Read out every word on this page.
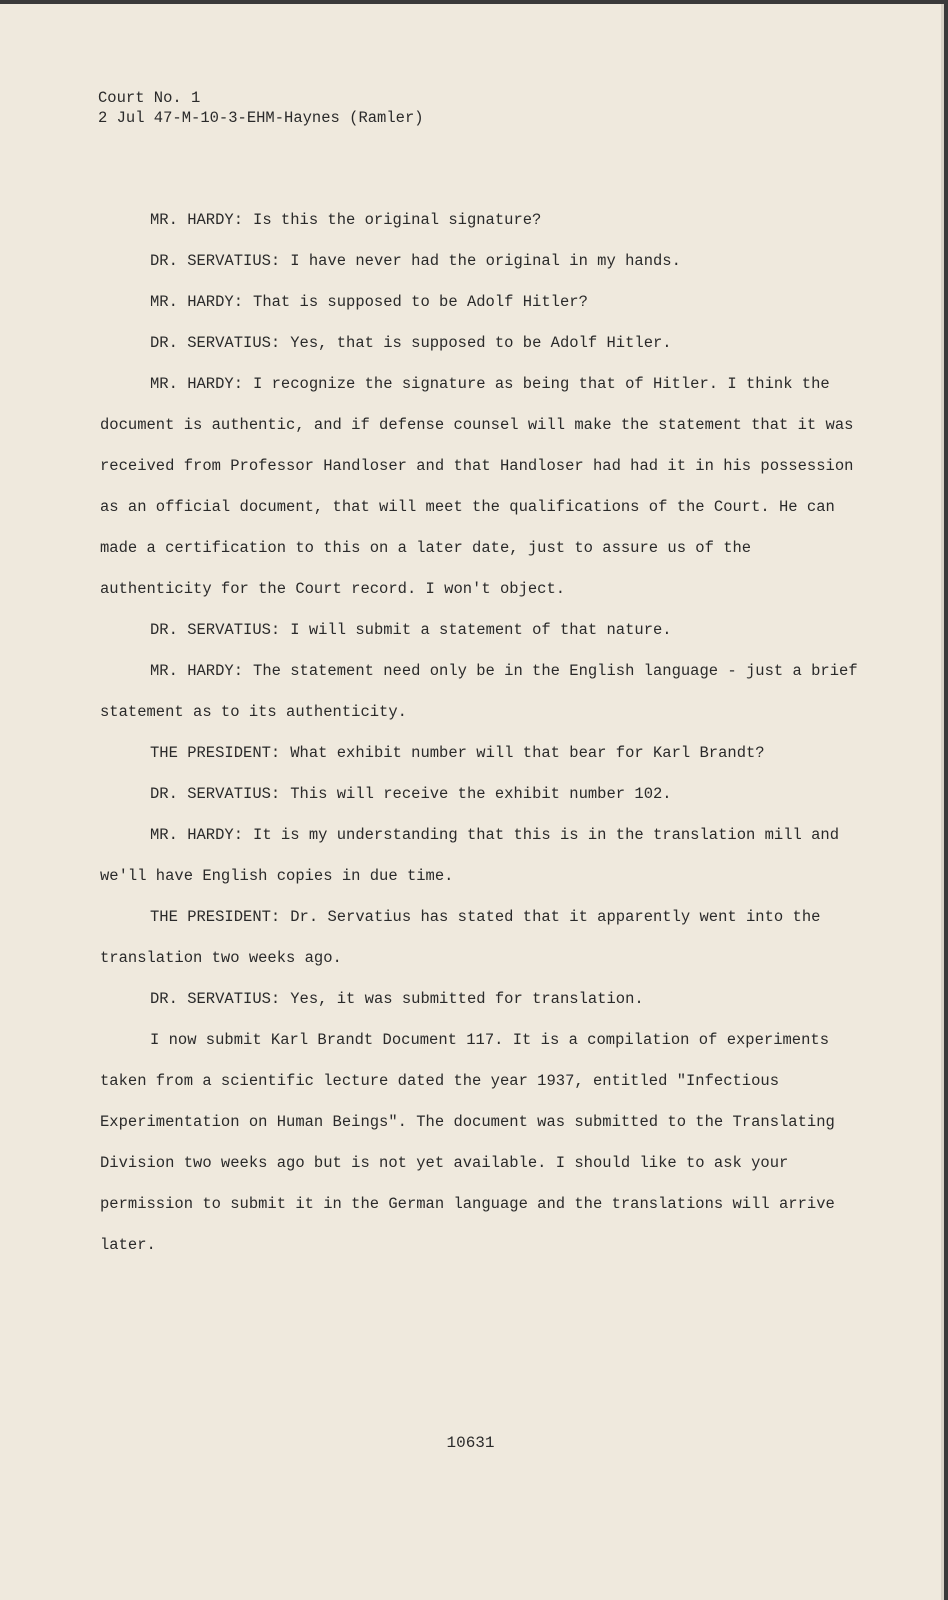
Court No. 1
2 Jul 47-M-10-3-EHM-Haynes (Ramler)

MR. HARDY: Is this the original signature?

DR. SERVATIUS: I have never had the original in my hands.

MR. HARDY: That is supposed to be Adolf Hitler?

DR. SERVATIUS: Yes, that is supposed to be Adolf Hitler.

MR. HARDY: I recognize the signature as being that of Hitler. I think the document is authentic, and if defense counsel will make the statement that it was received from Professor Handloser and that Handloser had had it in his possession as an official document, that will meet the qualifications of the Court. He can made a certification to this on a later date, just to assure us of the authenticity for the Court record. I won't object.

DR. SERVATIUS: I will submit a statement of that nature.

MR. HARDY: The statement need only be in the English language - just a brief statement as to its authenticity.

THE PRESIDENT: What exhibit number will that bear for Karl Brandt?

DR. SERVATIUS: This will receive the exhibit number 102.

MR. HARDY: It is my understanding that this is in the translation mill and we'll have English copies in due time.

THE PRESIDENT: Dr. Servatius has stated that it apparently went into the translation two weeks ago.

DR. SERVATIUS: Yes, it was submitted for translation.

I now submit Karl Brandt Document 117. It is a compilation of experiments taken from a scientific lecture dated the year 1937, entitled "Infectious Experimentation on Human Beings". The document was submitted to the Translating Division two weeks ago but is not yet available. I should like to ask your permission to submit it in the German language and the translations will arrive later.

10631
